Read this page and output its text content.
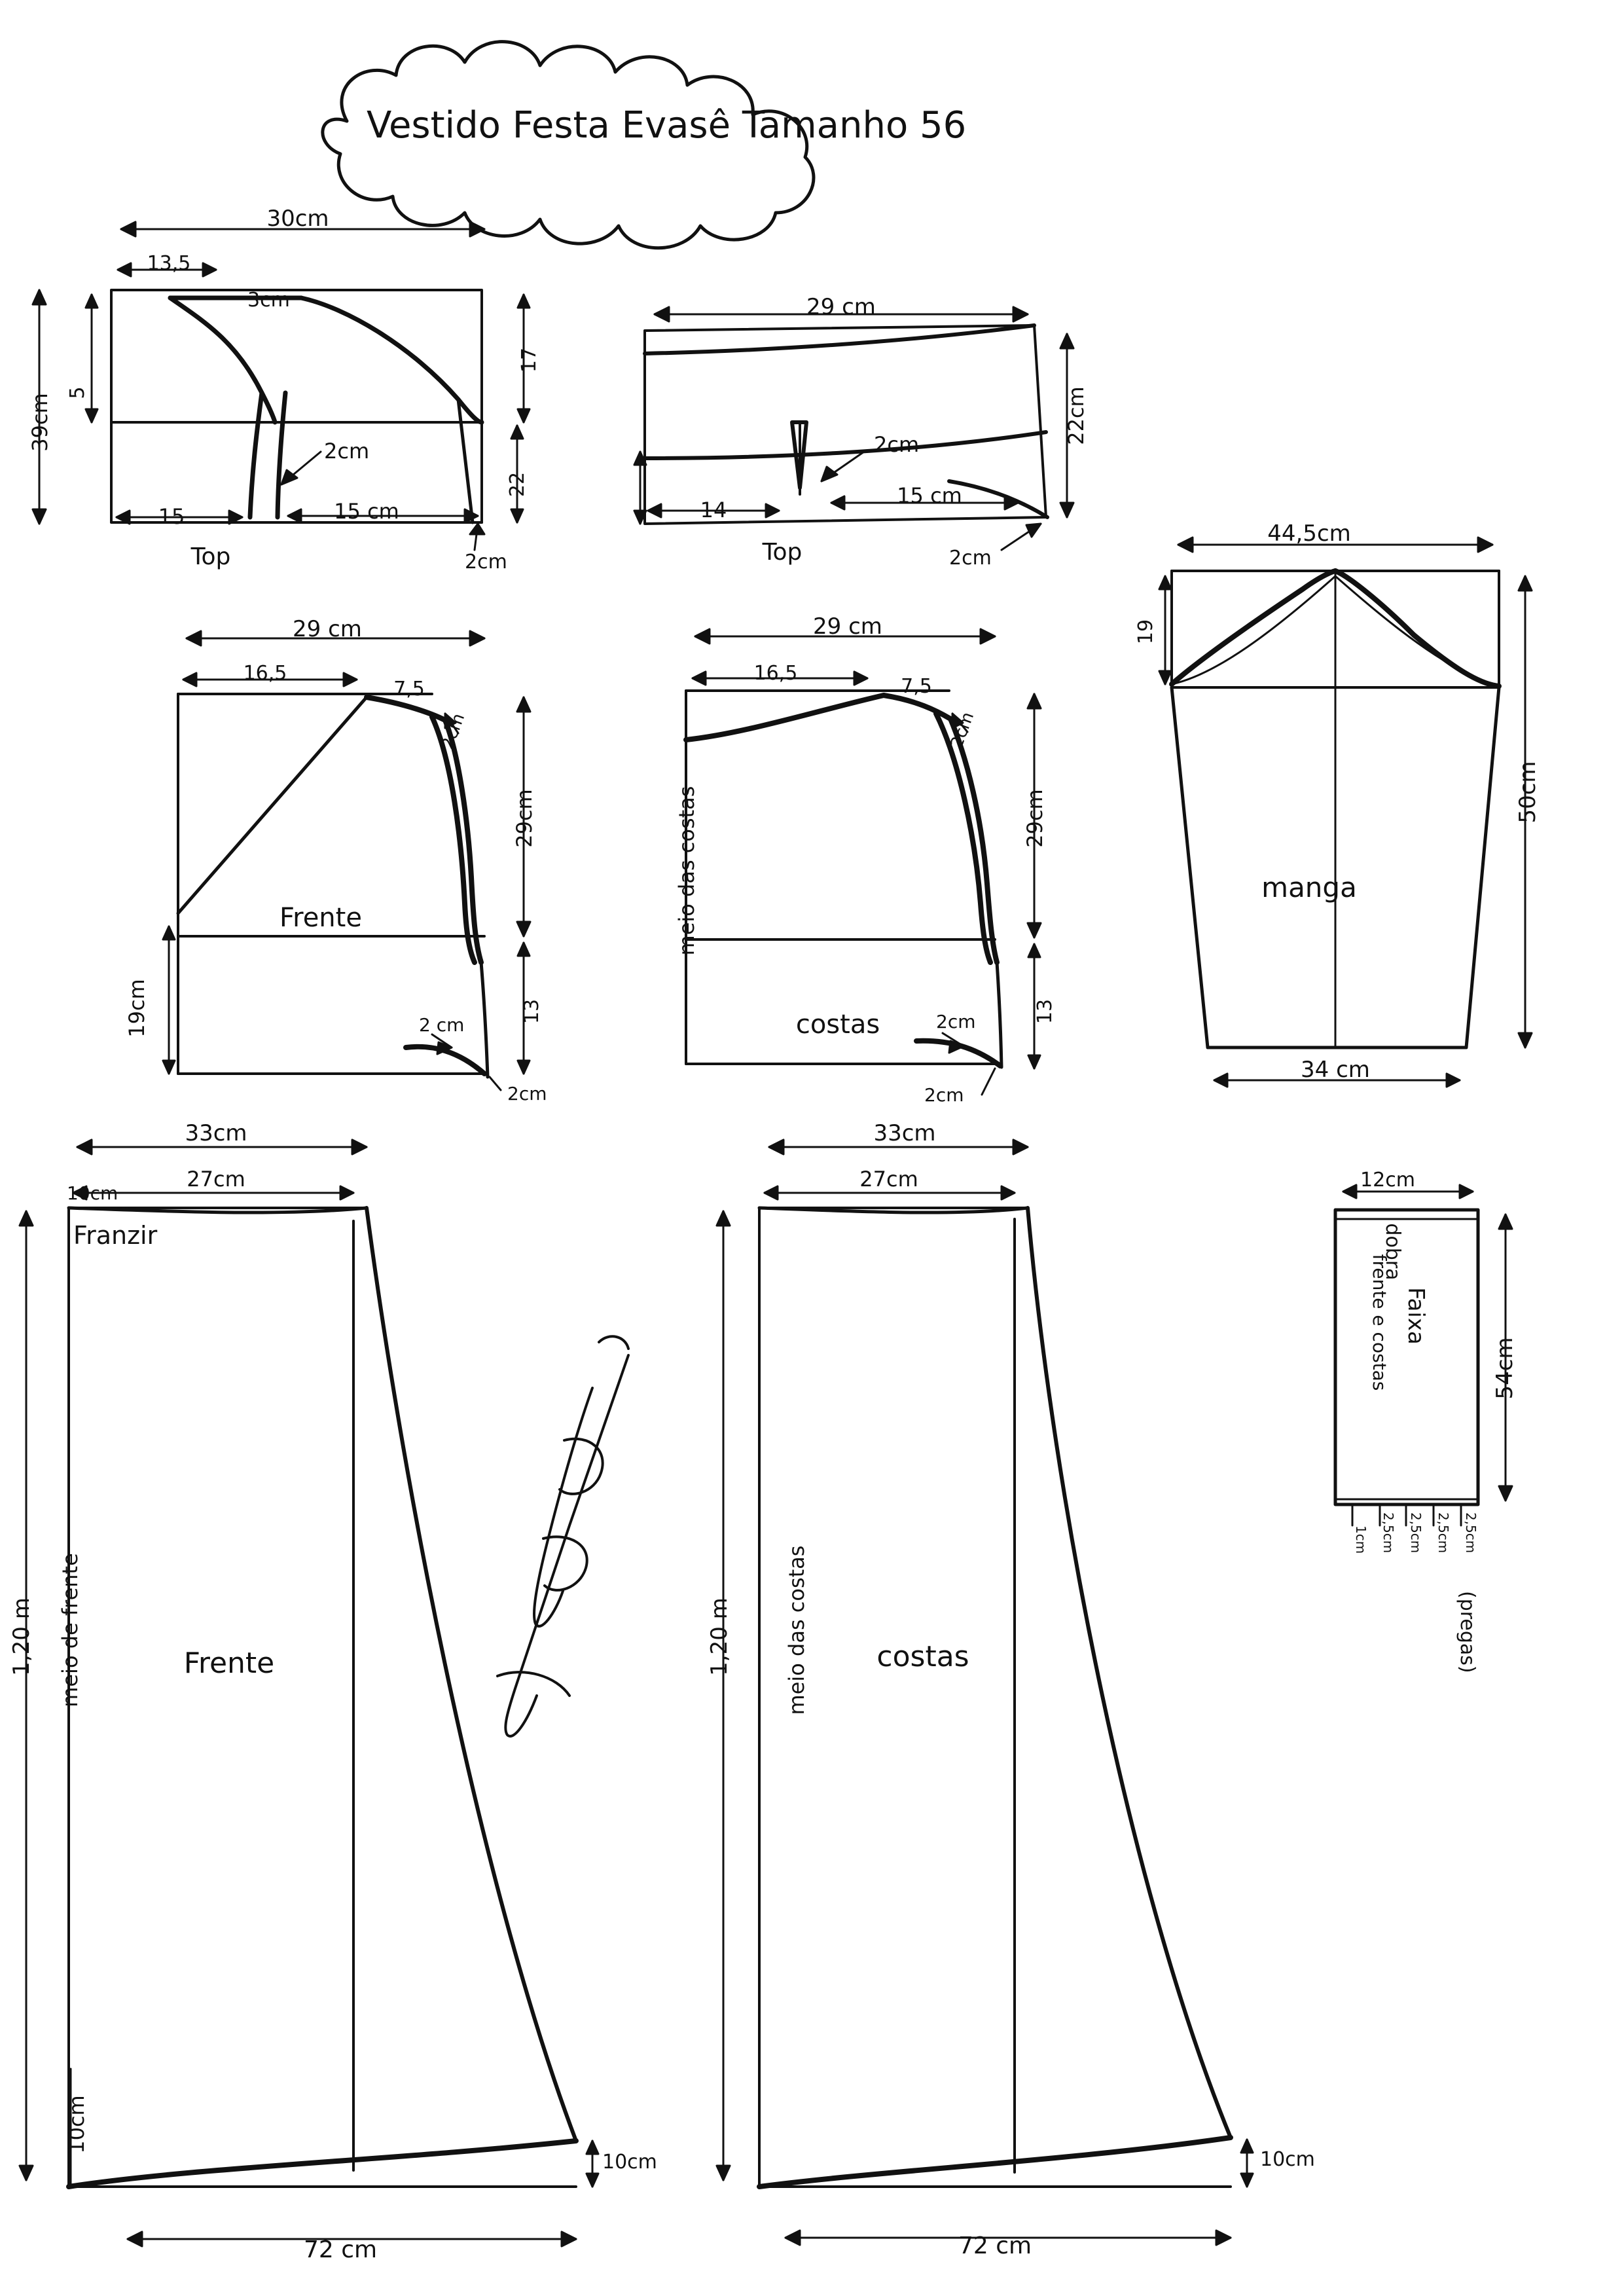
Vestido Festa Evasê Tamanho 56
30cm
13,5
3cm
39cm
5
17
22
2cm
15	15 cm
2cm
Top
29 cm
22cm
2cm
14
15 cm
2cm
Top
44,5cm
19
50cm
manga
34 cm
29 cm
16,5
7,5
2cm
29cm
Frente
19cm	13
2 cm
2cm
29 cm
16,5
7,5
2cm
29cm
meio das costas
costas	13
2cm
2cm
33cm
27cm
10cm
Franzir
1,20 m meio de frente	Frente
10cm
10cm
72 cm
33cm
27cm
1,20 m meio das costas costas
10cm
72 cm
12cm
dobra
Faixa
frente e costas	54cm
2,5cm
2,5cm
2,5cm
2,5cm
1cm
(pregas)
